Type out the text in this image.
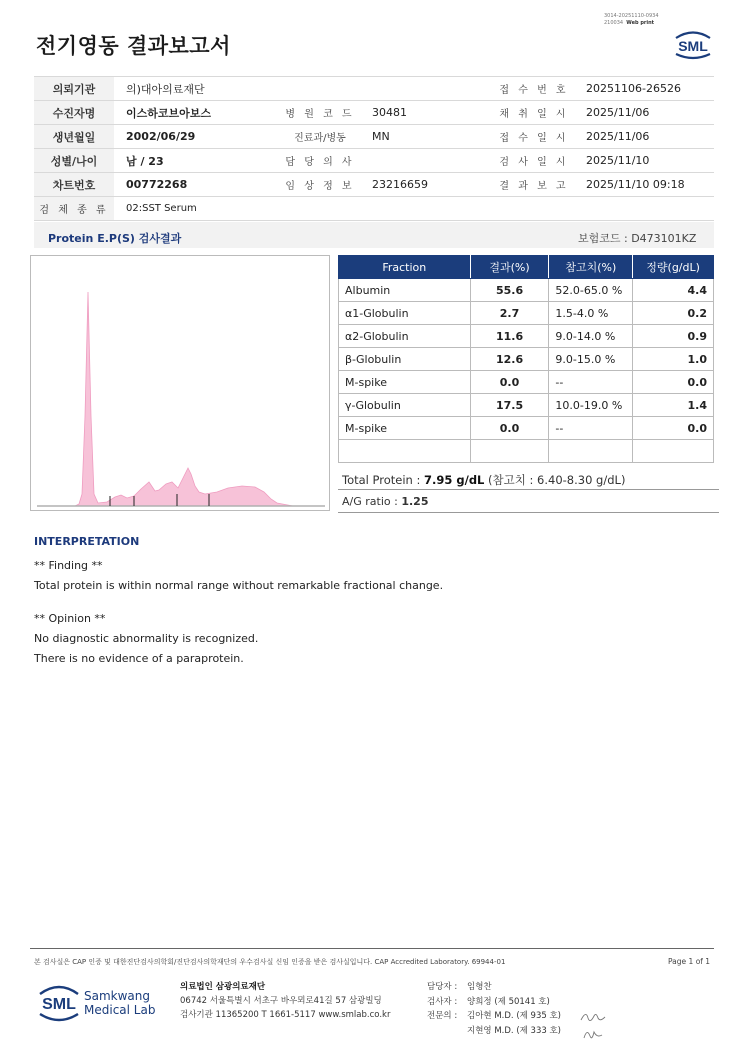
전기영동 결과보고서
3014-20251110-0934
210034 Web print
SML
의뢰기관	의)대아의료재단			접 수 번 호	20251106-26526
수진자명	이스하코브아보스	병 원 코 드	30481	채 취 일 시	2025/11/06
생년월일	2002/06/29	진료과/병동	MN	접 수 일 시	2025/11/06
성별/나이	남 / 23	담 당 의 사		검 사 일 시	2025/11/10
차트번호	00772268	임 상 정 보	23216659	결 과 보 고	2025/11/10 09:18
검 체 종 류	02:SST Serum				
Protein E.P(S) 검사결과	보험코드 : D473101KZ
Fraction	결과(%)	참고치(%)	정량(g/dL)
Albumin	55.6	52.0-65.0 %	4.4
α1-Globulin	2.7	1.5-4.0 %	0.2
α2-Globulin	11.6	9.0-14.0 %	0.9
β-Globulin	12.6	9.0-15.0 %	1.0
M-spike	0.0	--	0.0
γ-Globulin	17.5	10.0-19.0 %	1.4
M-spike	0.0	--	0.0

Total Protein : 7.95 g/dL (참고치 : 6.40-8.30 g/dL)
A/G ratio : 1.25
INTERPRETATION
** Finding **
Total protein is within normal range without remarkable fractional change.
** Opinion **
No diagnostic abnormality is recognized.
There is no evidence of a paraprotein.
본 검사실은 CAP 인증 및 대한진단검사의학회/진단검사의학재단의 우수검사실 신임 인증을 받은 검사실입니다. CAP Accredited Laboratory. 69944-01	Page 1 of 1
SML Samkwang
Medical Lab
의료법인 삼광의료재단
06742 서울특별시 서초구 바우뫼로41길 57 삼광빌딩
검사기관 11365200 T 1661-5117 www.smlab.co.kr
담당자 : 임형찬
검사자 : 양희정 (제 50141 호)
전문의 : 김아현 M.D. (제 935 호)
지현영 M.D. (제 333 호)
